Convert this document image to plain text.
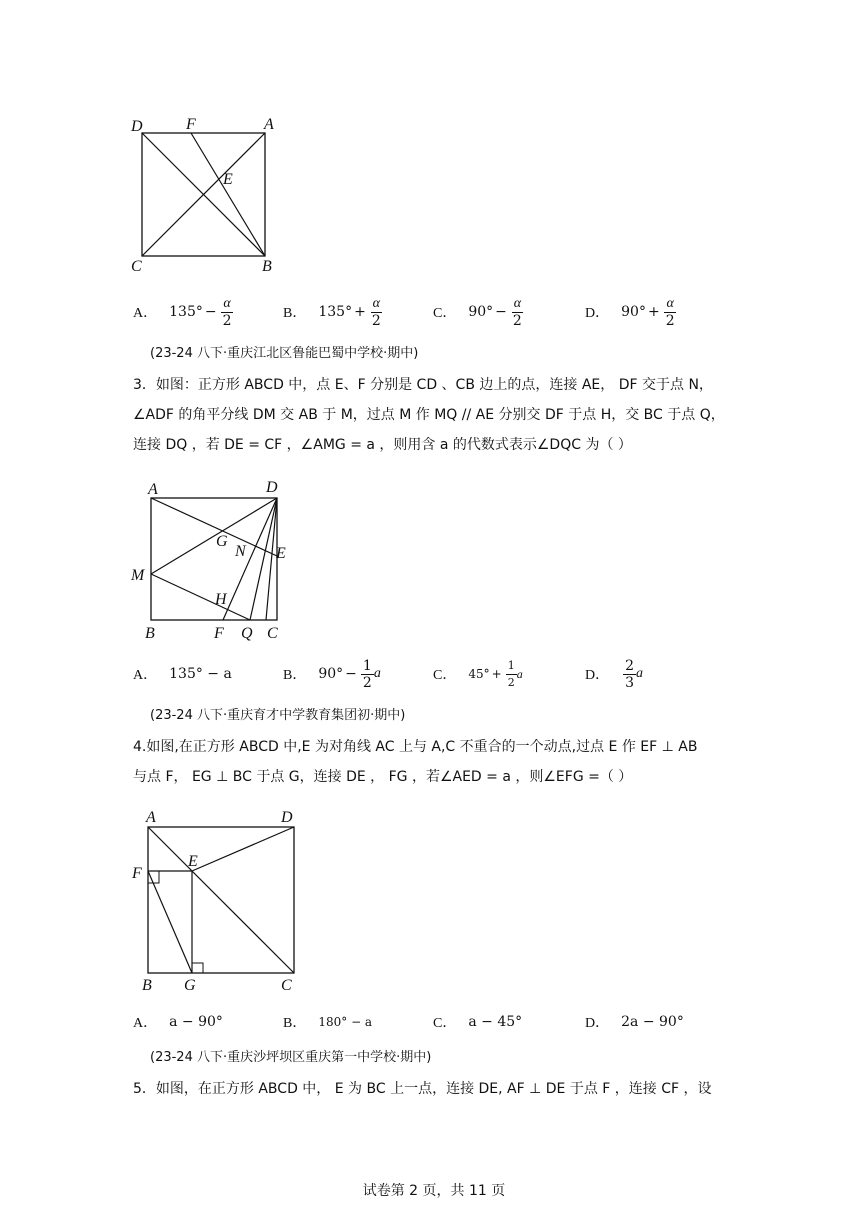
D	F	A
E
C	B
A． $135^\circ - \frac{\alpha}{2}$	B． $135^\circ + \frac{\alpha}{2}$	C． $90^\circ - \frac{\alpha}{2}$	D． $90^\circ + \frac{\alpha}{2}$
(23-24 八下·重庆江北区鲁能巴蜀中学校·期中)
3．如图：正方形 ABCD 中，点 E、F 分别是 CD 、CB 边上的点，连接 AE， DF 交于点 N，
∠ADF 的角平分线 DM 交 AB 于 M，过点 M 作 MQ // AE 分别交 DF 于点 H，交 BC 于点 Q，
连接 DQ ，若 DE = CF ，∠AMG = a ，则用含 a 的代数式表示∠DQC 为（ ）
A	D
G
N E
M
H
B	F Q C
A． 135° − a	B． $90^\circ - \frac{1}{2}$ a	C． $45^\circ + \frac{1}{2}$ a	D． $\frac{2}{3}$ a
(23-24 八下·重庆育才中学教育集团初·期中)
4.如图,在正方形 ABCD 中,E 为对角线 AC 上与 A,C 不重合的一个动点,过点 E 作 EF ⊥ AB
与点 F， EG ⊥ BC 于点 G，连接 DE ， FG ，若∠AED = a ，则∠EFG =（ ）
A	D
E
F
B G	C
A． a − 90°	B． 180° − a	C． a − 45°	D． 2a − 90°
(23-24 八下·重庆沙坪坝区重庆第一中学校·期中)
5．如图，在正方形 ABCD 中， E 为 BC 上一点，连接 DE, AF ⊥ DE 于点 F ，连接 CF ，设
试卷第 2 页，共 11 页
